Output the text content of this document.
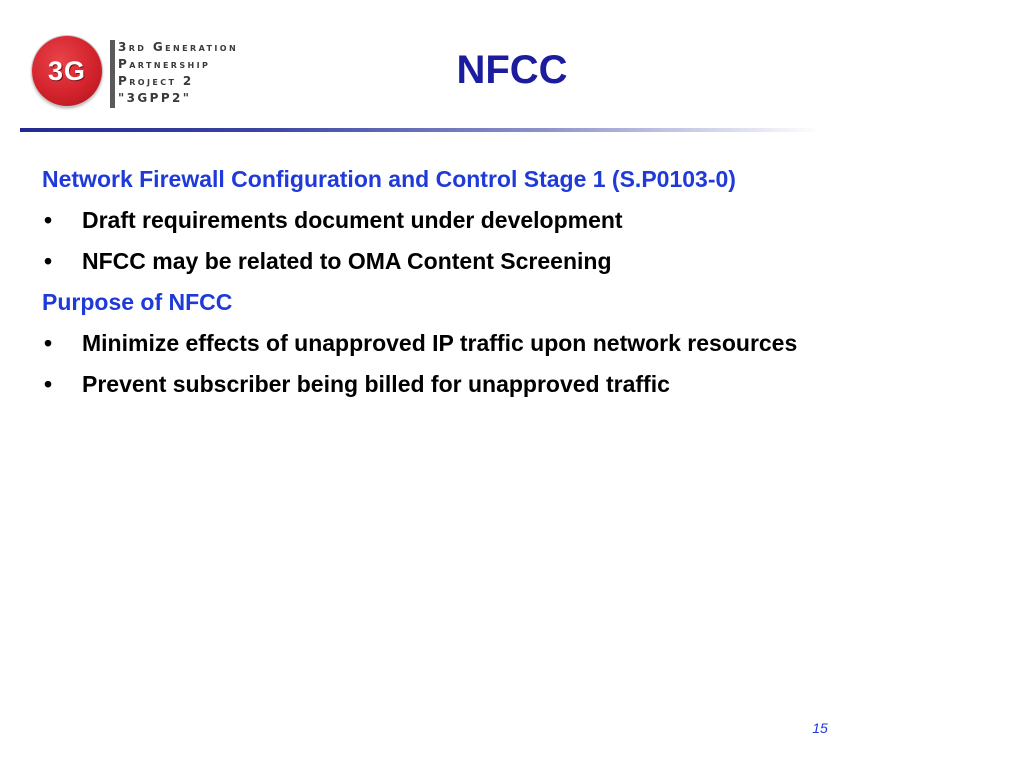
3G
3rd Generation
Partnership
Project 2
"3GPP2"
NFCC
Network Firewall Configuration and Control Stage 1 (S.P0103-0)
• Draft requirements document under development
• NFCC may be related to OMA Content Screening
Purpose of NFCC
• Minimize effects of unapproved IP traffic upon network resources
• Prevent subscriber being billed for unapproved traffic
15
